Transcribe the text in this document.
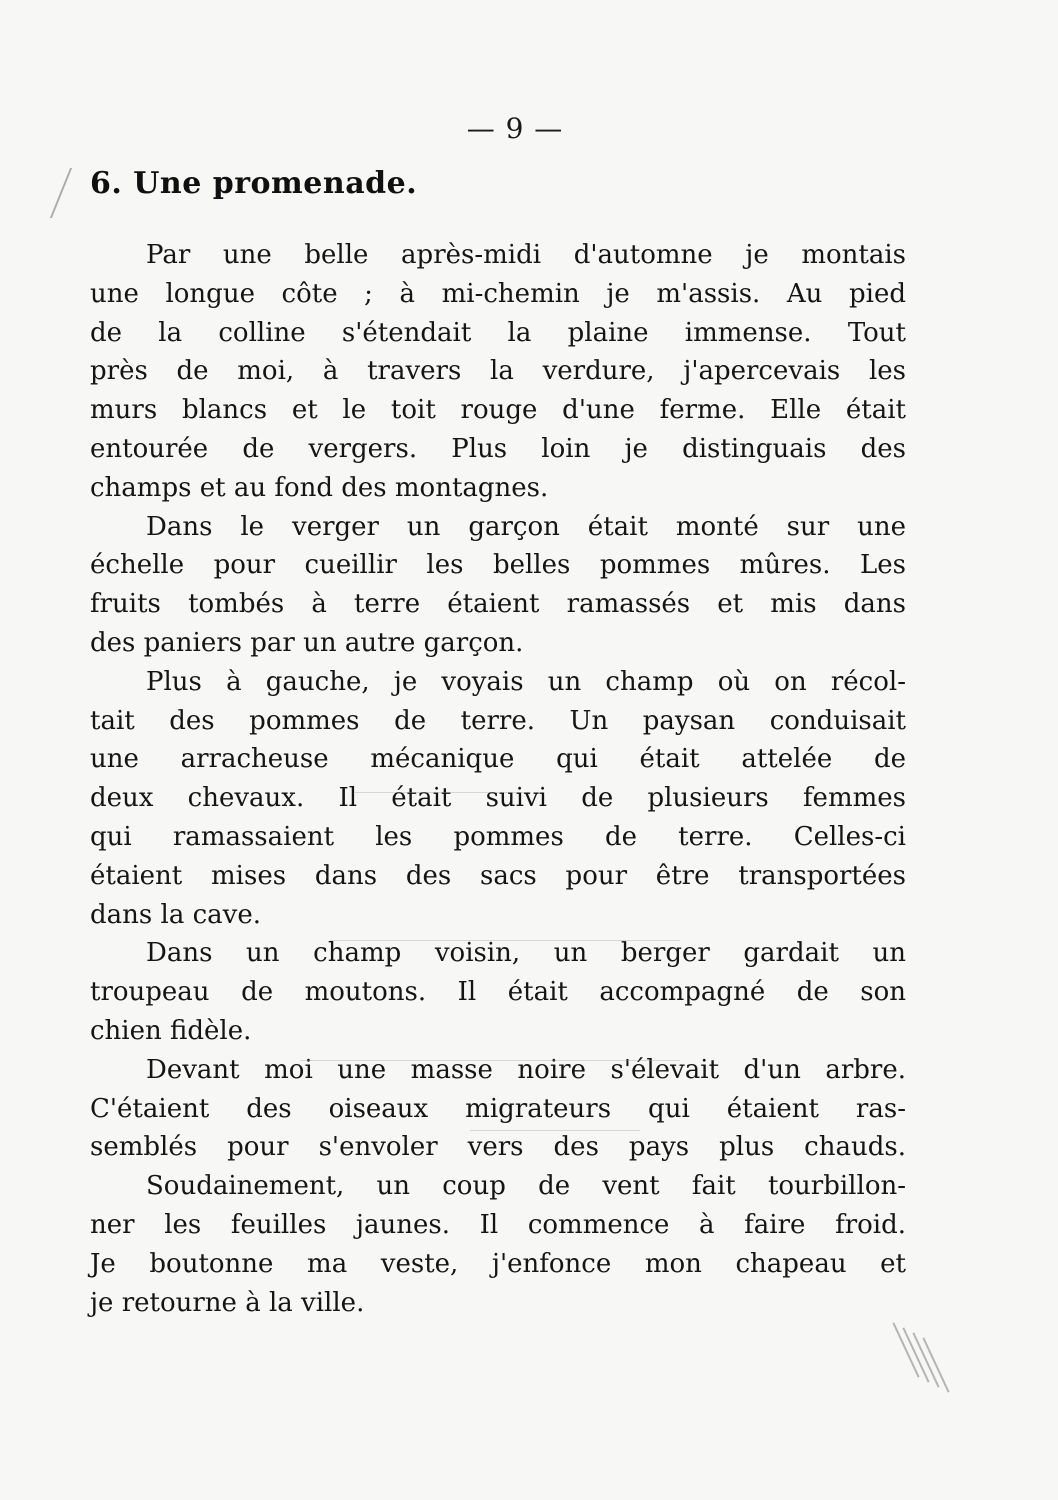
— 9 —
6. Une promenade.
Par une belle après-midi d'automne je montais
une longue côte ; à mi-chemin je m'assis. Au pied
de la colline s'étendait la plaine immense. Tout
près de moi, à travers la verdure, j'apercevais les
murs blancs et le toit rouge d'une ferme. Elle était
entourée de vergers. Plus loin je distinguais des
champs et au fond des montagnes.
Dans le verger un garçon était monté sur une
échelle pour cueillir les belles pommes mûres. Les
fruits tombés à terre étaient ramassés et mis dans
des paniers par un autre garçon.
Plus à gauche, je voyais un champ où on récol-
tait des pommes de terre. Un paysan conduisait
une arracheuse mécanique qui était attelée de
deux chevaux. Il était suivi de plusieurs femmes
qui ramassaient les pommes de terre. Celles-ci
étaient mises dans des sacs pour être transportées
dans la cave.
Dans un champ voisin, un berger gardait un
troupeau de moutons. Il était accompagné de son
chien fidèle.
Devant moi une masse noire s'élevait d'un arbre.
C'étaient des oiseaux migrateurs qui étaient ras-
semblés pour s'envoler vers des pays plus chauds.
Soudainement, un coup de vent fait tourbillon-
ner les feuilles jaunes. Il commence à faire froid.
Je boutonne ma veste, j'enfonce mon chapeau et
je retourne à la ville.
